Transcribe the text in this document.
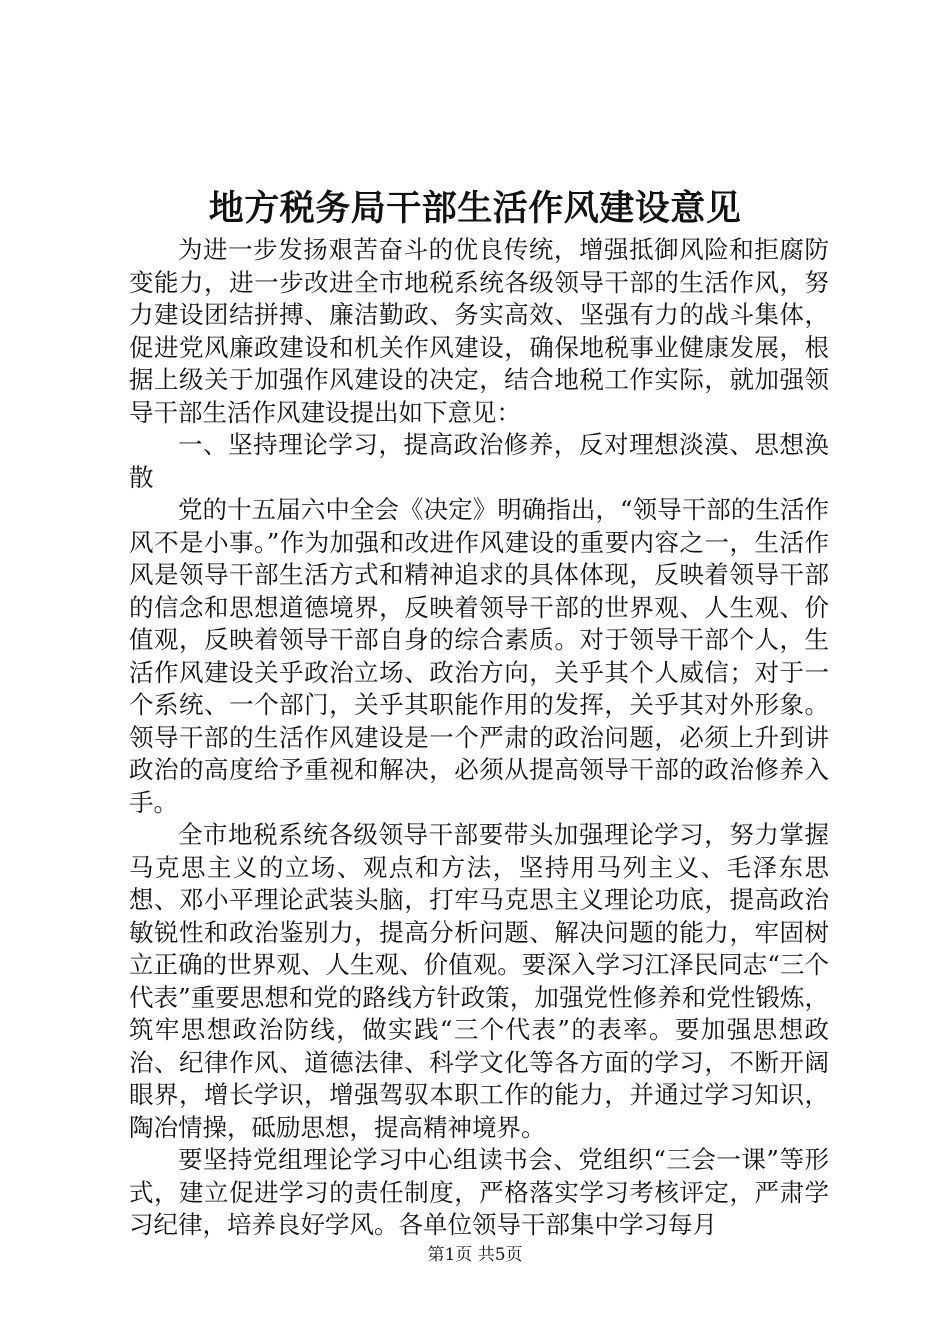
地方税务局干部生活作风建设意见

为进一步发扬艰苦奋斗的优良传统，增强抵御风险和拒腐防变能力，进一步改进全市地税系统各级领导干部的生活作风，努力建设团结拼搏、廉洁勤政、务实高效、坚强有力的战斗集体，促进党风廉政建设和机关作风建设，确保地税事业健康发展，根据上级关于加强作风建设的决定，结合地税工作实际，就加强领导干部生活作风建设提出如下意见：

一、坚持理论学习，提高政治修养，反对理想淡漠、思想涣散

党的十五届六中全会《决定》明确指出，“领导干部的生活作风不是小事。”作为加强和改进作风建设的重要内容之一，生活作风是领导干部生活方式和精神追求的具体体现，反映着领导干部的信念和思想道德境界，反映着领导干部的世界观、人生观、价值观，反映着领导干部自身的综合素质。对于领导干部个人，生活作风建设关乎政治立场、政治方向，关乎其个人威信；对于一个系统、一个部门，关乎其职能作用的发挥，关乎其对外形象。领导干部的生活作风建设是一个严肃的政治问题，必须上升到讲政治的高度给予重视和解决，必须从提高领导干部的政治修养入手。

全市地税系统各级领导干部要带头加强理论学习，努力掌握马克思主义的立场、观点和方法，坚持用马列主义、毛泽东思想、邓小平理论武装头脑，打牢马克思主义理论功底，提高政治敏锐性和政治鉴别力，提高分析问题、解决问题的能力，牢固树立正确的世界观、人生观、价值观。要深入学习江泽民同志“三个代表”重要思想和党的路线方针政策，加强党性修养和党性锻炼，筑牢思想政治防线，做实践“三个代表”的表率。要加强思想政治、纪律作风、道德法律、科学文化等各方面的学习，不断开阔眼界，增长学识，增强驾驭本职工作的能力，并通过学习知识，陶冶情操，砥励思想，提高精神境界。

要坚持党组理论学习中心组读书会、党组织“三会一课”等形式，建立促进学习的责任制度，严格落实学习考核评定，严肃学习纪律，培养良好学风。各单位领导干部集中学习每月

第1页 共5页
